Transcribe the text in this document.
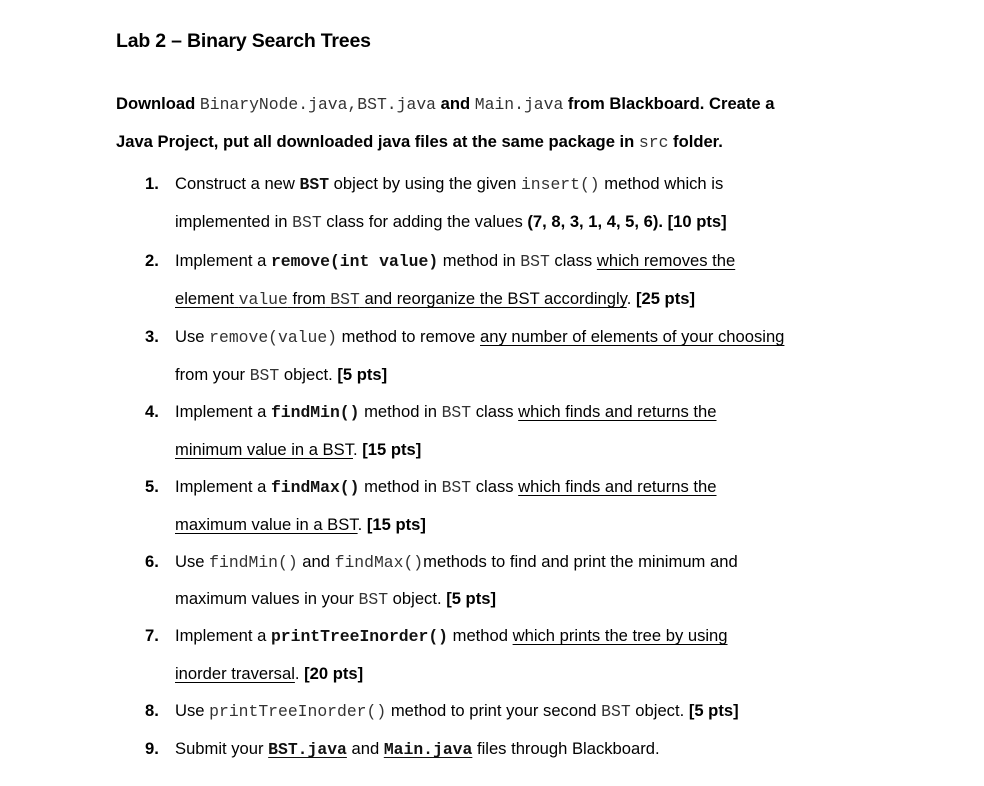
Lab 2 – Binary Search Trees
Download BinaryNode.java,BST.java and Main.java from Blackboard. Create a
Java Project, put all downloaded java files at the same package in src folder.
1. Construct a new BST object by using the given insert() method which is
implemented in BST class for adding the values (7, 8, 3, 1, 4, 5, 6). [10 pts]
2. Implement a remove(int value) method in BST class which removes the
element value from BST and reorganize the BST accordingly. [25 pts]
3. Use remove(value) method to remove any number of elements of your choosing
from your BST object. [5 pts]
4. Implement a findMin() method in BST class which finds and returns the
minimum value in a BST. [15 pts]
5. Implement a findMax() method in BST class which finds and returns the
maximum value in a BST. [15 pts]
6. Use findMin() and findMax()methods to find and print the minimum and
maximum values in your BST object. [5 pts]
7. Implement a printTreeInorder() method which prints the tree by using
inorder traversal. [20 pts]
8. Use printTreeInorder() method to print your second BST object. [5 pts]
9. Submit your BST.java and Main.java files through Blackboard.
